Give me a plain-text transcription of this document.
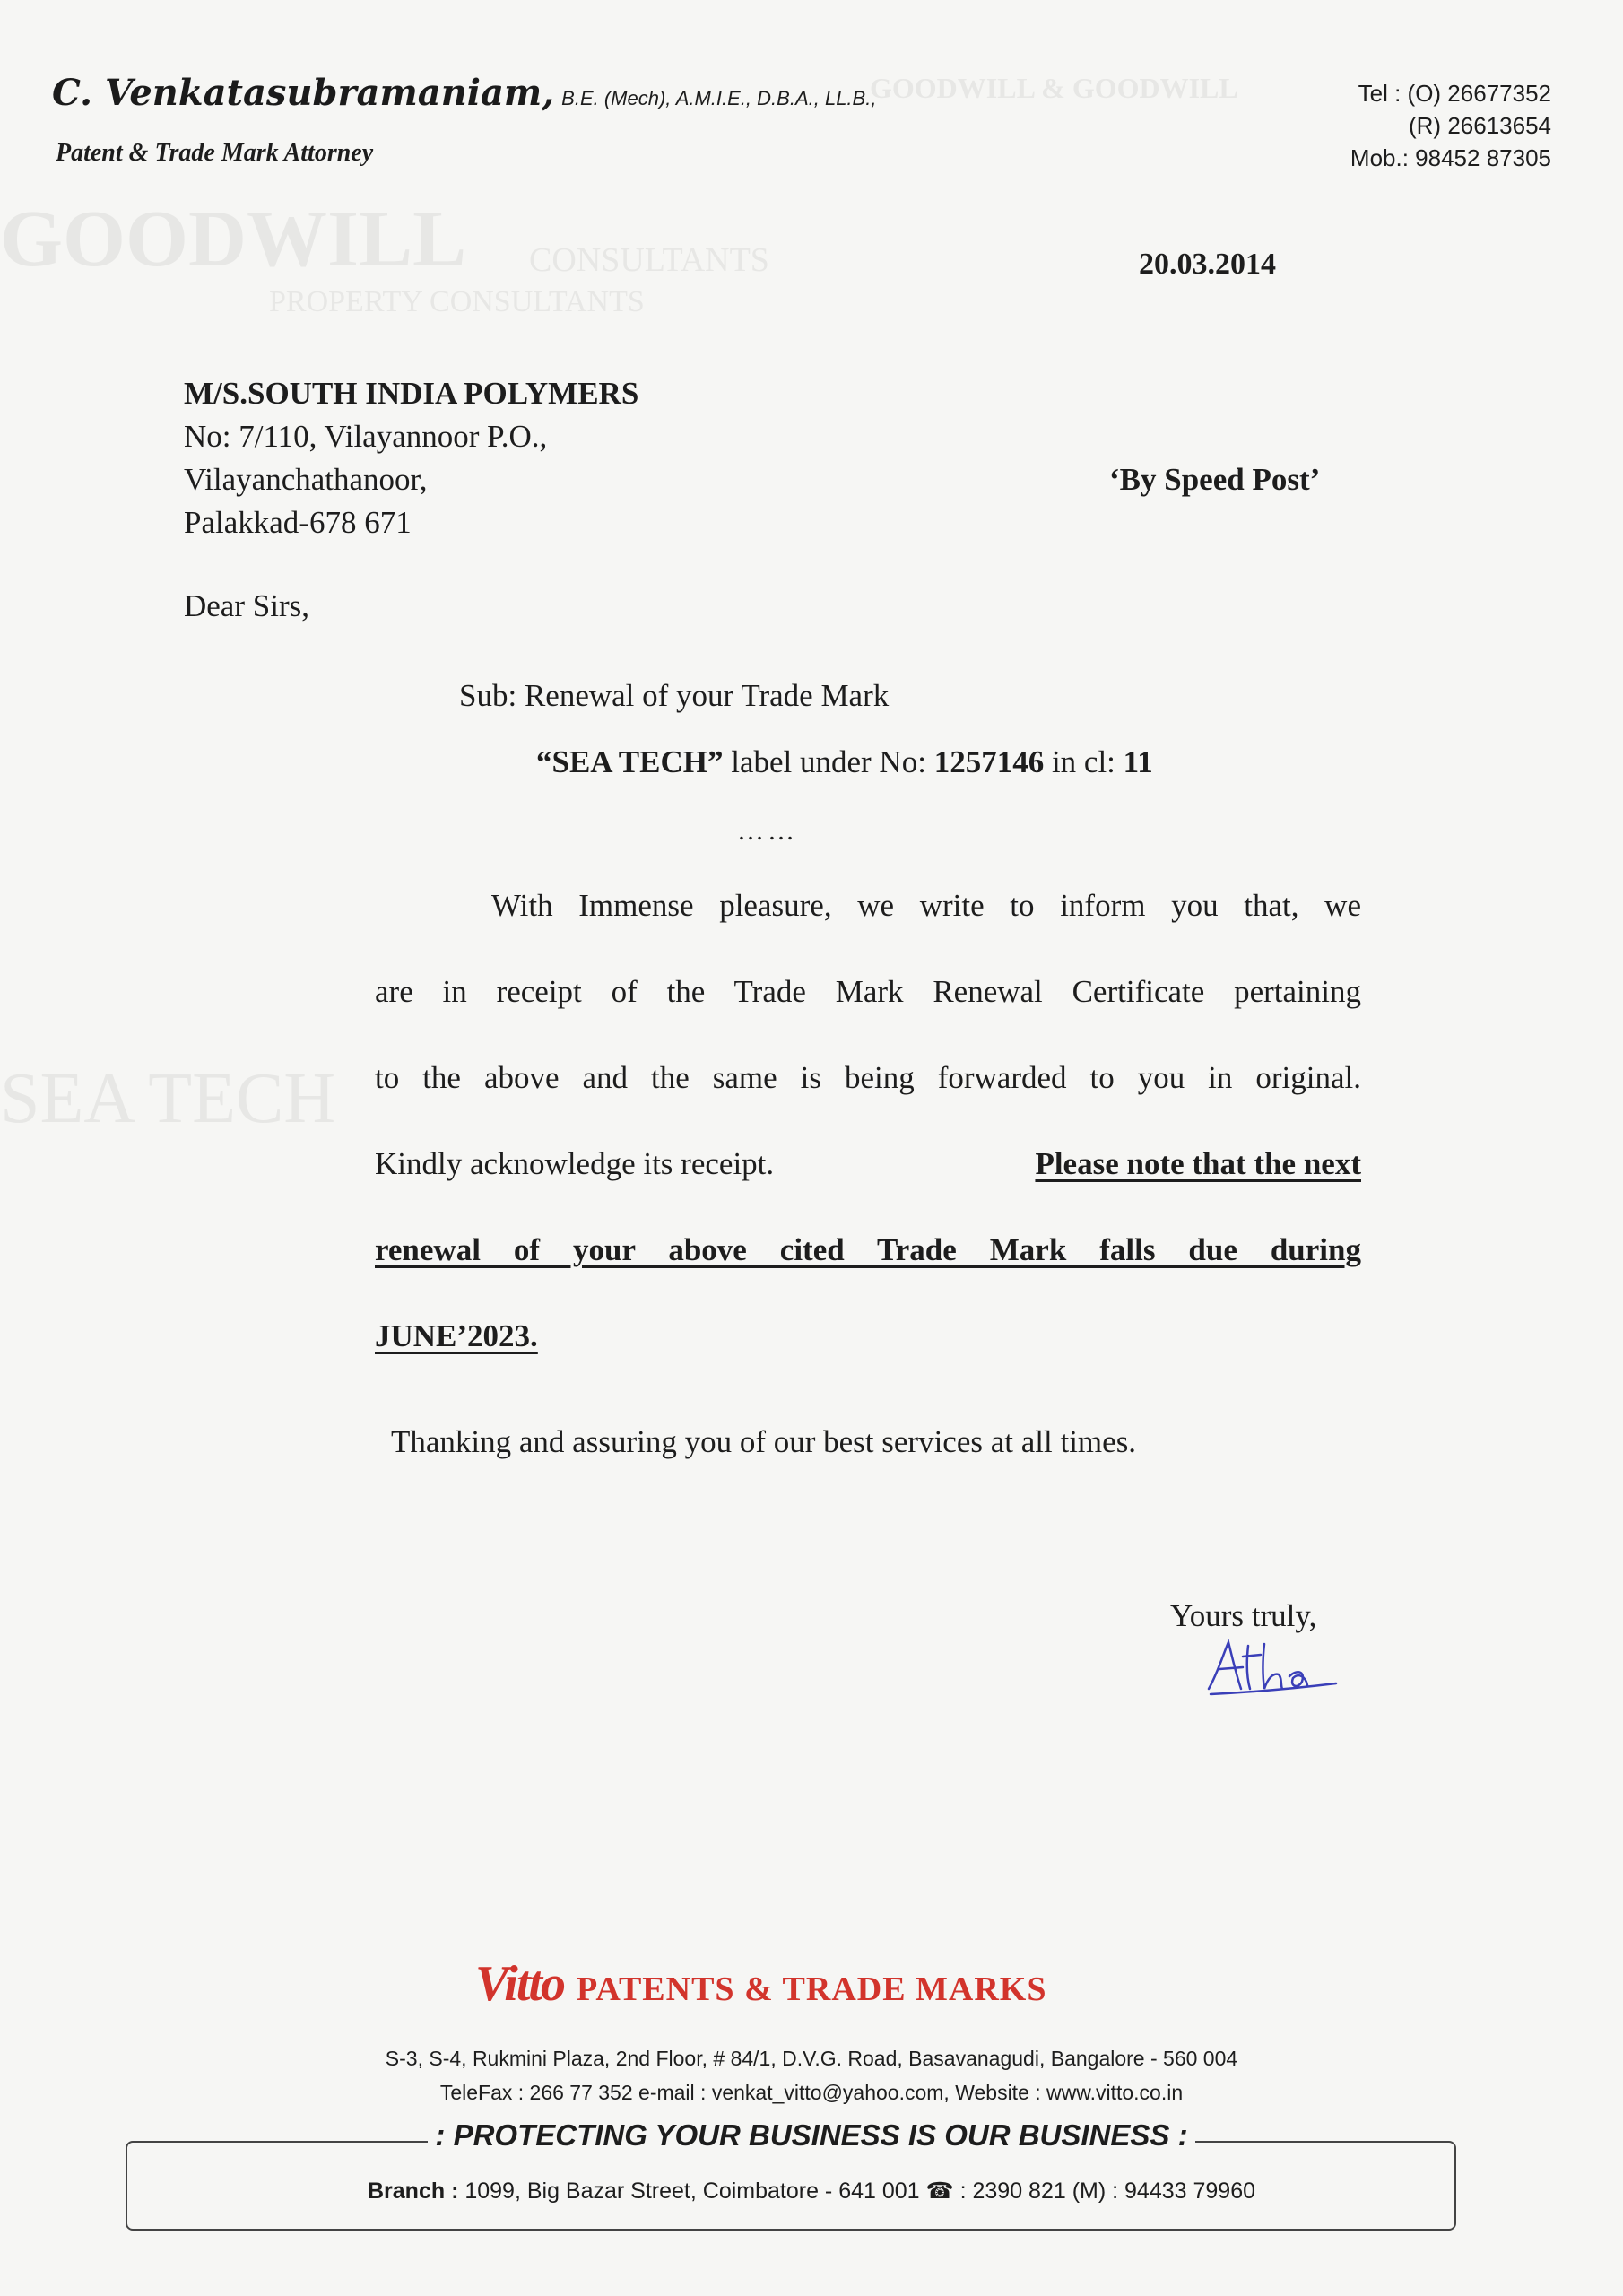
GOODWILL CONSULTANTS
PROPERTY CONSULTANTS
GOODWILL & GOODWILL
SEA TECH
C. Venkatasubramaniam, B.E. (Mech), A.M.I.E., D.B.A., LL.B.,
Patent & Trade Mark Attorney
Tel : (O) 26677352
(R) 26613654
Mob.: 98452 87305
20.03.2014
M/S.SOUTH INDIA POLYMERS
No: 7/110, Vilayannoor P.O.,
Vilayanchathanoor,
Palakkad-678 671
‘By Speed Post’
Dear Sirs,
Sub: Renewal of your Trade Mark
“SEA TECH” label under No: 1257146 in cl: 11
……
With Immense pleasure, we write to inform you that, we
are in receipt of the Trade Mark Renewal Certificate pertaining
to the above and the same is being forwarded to you in original.
Kindly acknowledge its receipt.	Please note that the next
renewal of your above cited Trade Mark falls due during
JUNE’2023.
Thanking and assuring you of our best services at all times.
Yours truly,
Vitto PATENTS & TRADE MARKS
S-3, S-4, Rukmini Plaza, 2nd Floor, # 84/1, D.V.G. Road, Basavanagudi, Bangalore - 560 004
TeleFax : 266 77 352 e-mail : venkat_vitto@yahoo.com, Website : www.vitto.co.in
: PROTECTING YOUR BUSINESS IS OUR BUSINESS :
Branch : 1099, Big Bazar Street, Coimbatore - 641 001 ☎ : 2390 821 (M) : 94433 79960
